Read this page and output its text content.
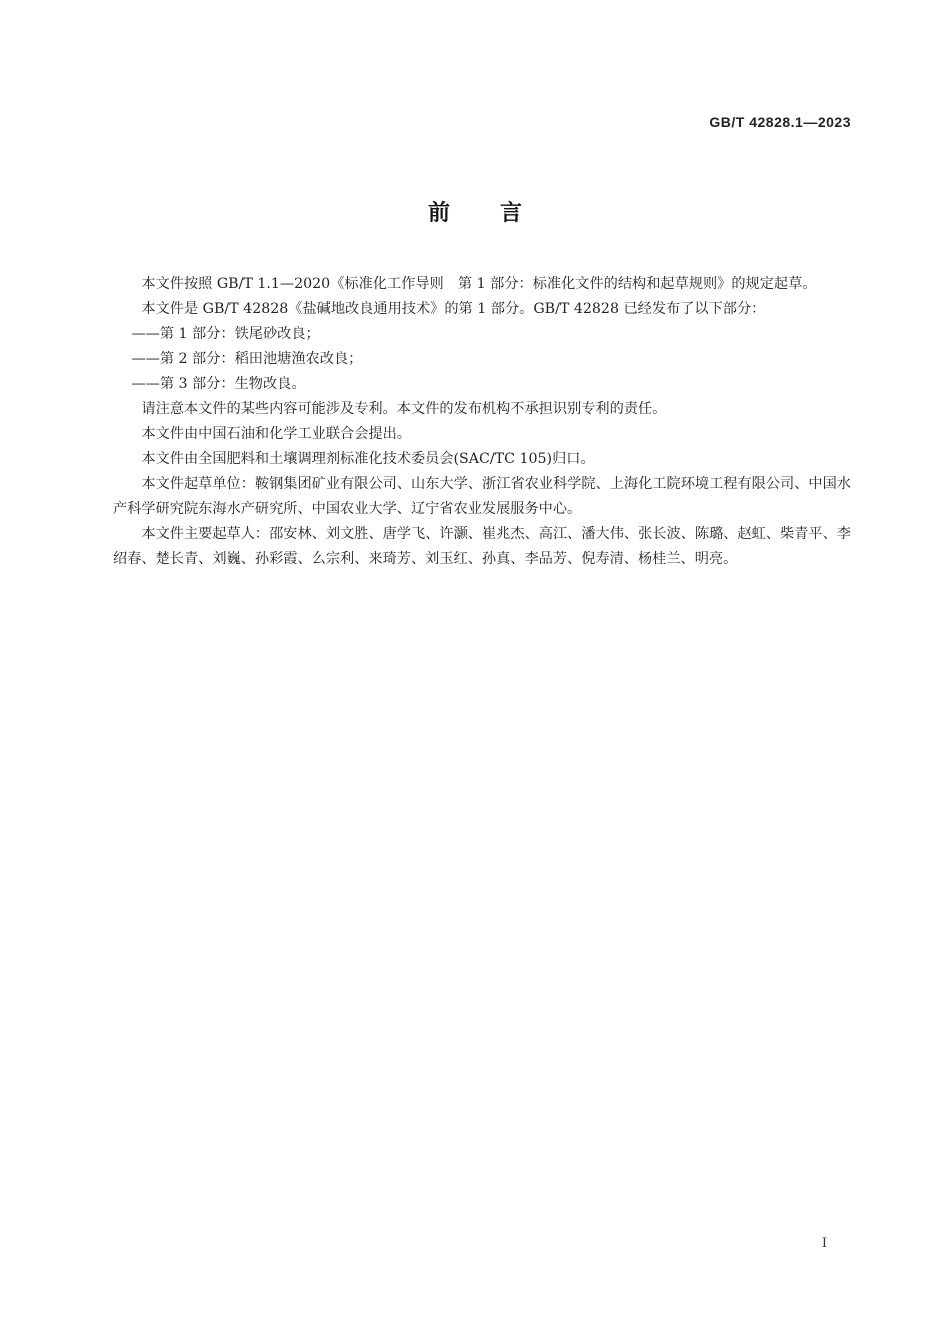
GB/T 42828.1—2023
前言

本文件按照 GB/T 1.1—2020《标准化工作导则　第 1 部分：标准化文件的结构和起草规则》的规定起草。

本文件是 GB/T 42828《盐碱地改良通用技术》的第 1 部分。GB/T 42828 已经发布了以下部分：

——第 1 部分：铁尾砂改良；

——第 2 部分：稻田池塘渔农改良；

——第 3 部分：生物改良。

请注意本文件的某些内容可能涉及专利。本文件的发布机构不承担识别专利的责任。

本文件由中国石油和化学工业联合会提出。

本文件由全国肥料和土壤调理剂标准化技术委员会(SAC/TC 105)归口。

本文件起草单位：鞍钢集团矿业有限公司、山东大学、浙江省农业科学院、上海化工院环境工程有限公司、中国水产科学研究院东海水产研究所、中国农业大学、辽宁省农业发展服务中心。

本文件主要起草人：邵安林、刘文胜、唐学飞、许灏、崔兆杰、高江、潘大伟、张长波、陈璐、赵虹、柴青平、李绍春、楚长青、刘巍、孙彩霞、么宗利、来琦芳、刘玉红、孙真、李品芳、倪寿清、杨桂兰、明亮。

I
